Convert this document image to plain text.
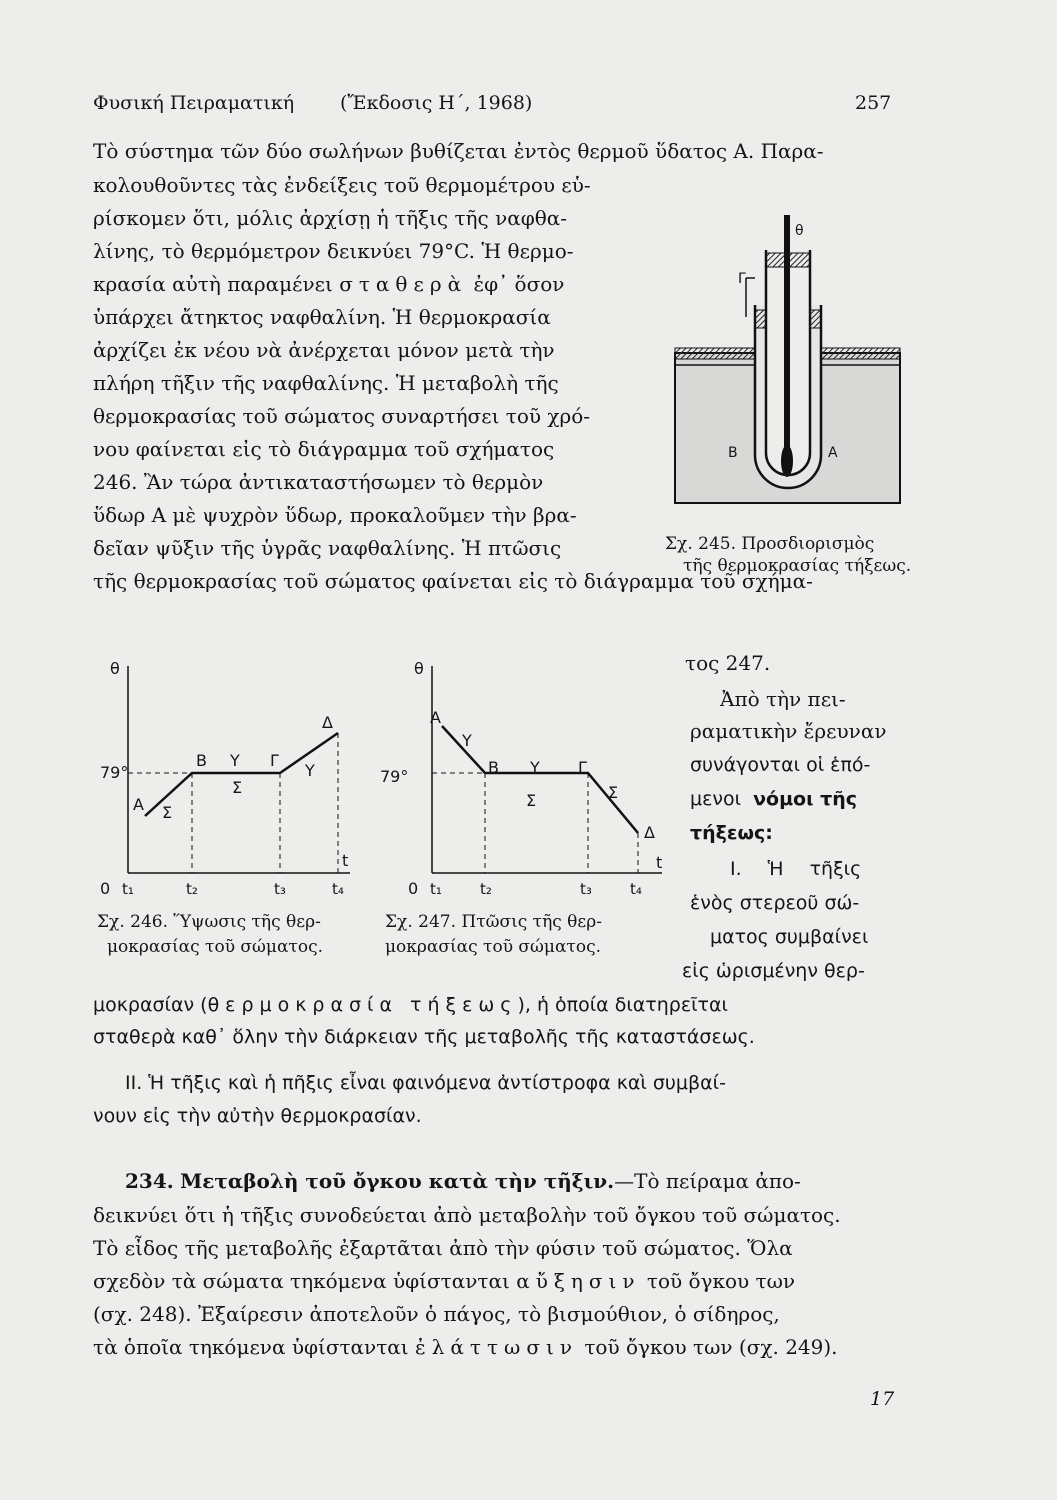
Φυσική Πειραματική (Ἔκδοσις Η΄, 1968)	257
Τὸ σύστημα τῶν δύο σωλήνων βυθίζεται ἐντὸς θερμοῦ ὕδατος Α. Παρα-
κολουθοῦντες τὰς ἐνδείξεις τοῦ θερμομέτρου εὑ-
ρίσκομεν ὅτι, μόλις ἀρχίσῃ ἡ τῆξις τῆς ναφθα-
λίνης, τὸ θερμόμετρον δεικνύει 79°C. Ἡ θερμο-
κρασία αὐτὴ παραμένει σταθερὰ ἐφ᾽ ὅσον
ὑπάρχει ἄτηκτος ναφθαλίνη. Ἡ θερμοκρασία
ἀρχίζει ἐκ νέου νὰ ἀνέρχεται μόνον μετὰ τὴν
πλήρη τῆξιν τῆς ναφθαλίνης. Ἡ μεταβολὴ τῆς
θερμοκρασίας τοῦ σώματος συναρτήσει τοῦ χρό-
νου φαίνεται εἰς τὸ διάγραμμα τοῦ σχήματος
246. Ἂν τώρα ἀντικαταστήσωμεν τὸ θερμὸν
ὕδωρ Α μὲ ψυχρὸν ὕδωρ, προκαλοῦμεν τὴν βρα-
δεῖαν ψῦξιν τῆς ὑγρᾶς ναφθαλίνης. Ἡ πτῶσις
τῆς θερμοκρασίας τοῦ σώματος φαίνεται εἰς τὸ διάγραμμα τοῦ σχήμα-
θ
Γ
Β	Α
Σχ. 245. Προσδιορισμὸς
τῆς θερμοκρασίας τήξεως.
θ
79°
Α Σ
Β Υ Γ
Υ
Σ
Δ
t
0 t₁	t₂	t₃	t₄
Σχ. 246. Ὕψωσις τῆς θερ-
μοκρασίας τοῦ σώματος.
θ
79°
Α
Υ
Β Υ Γ
Σ	Σ
Δ
t
0 t₁	t₂	t₃	t₄
Σχ. 247. Πτῶσις τῆς θερ-
μοκρασίας τοῦ σώματος.
τος 247.
Ἀπὸ τὴν πει-
ραματικὴν ἔρευναν
συνάγονται οἱ ἑπό-
μενοι νόμοι τῆς
τήξεως:
I. Ἡ τῆξις
ἑνὸς στερεοῦ σώ-
ματος συμβαίνει
εἰς ὡρισμένην θερ-
μοκρασίαν (θερμοκρασία τήξεως), ἡ ὁποία διατηρεῖται
σταθερὰ καθ᾽ ὅλην τὴν διάρκειαν τῆς μεταβολῆς τῆς καταστάσεως.
II. Ἡ τῆξις καὶ ἡ πῆξις εἶναι φαινόμενα ἀντίστροφα καὶ συμβαί-
νουν εἰς τὴν αὐτὴν θερμοκρασίαν.
234. Μεταβολὴ τοῦ ὄγκου κατὰ τὴν τῆξιν.—Τὸ πείραμα ἀπο-
δεικνύει ὅτι ἡ τῆξις συνοδεύεται ἀπὸ μεταβολὴν τοῦ ὄγκου τοῦ σώματος.
Τὸ εἶδος τῆς μεταβολῆς ἐξαρτᾶται ἀπὸ τὴν φύσιν τοῦ σώματος. Ὅλα
σχεδὸν τὰ σώματα τηκόμενα ὑφίστανται αὔξησιν τοῦ ὄγκου των
(σχ. 248). Ἐξαίρεσιν ἀποτελοῦν ὁ πάγος, τὸ βισμούθιον, ὁ σίδηρος,
τὰ ὁποῖα τηκόμενα ὑφίστανται ἐλάττωσιν τοῦ ὄγκου των (σχ. 249).
17
